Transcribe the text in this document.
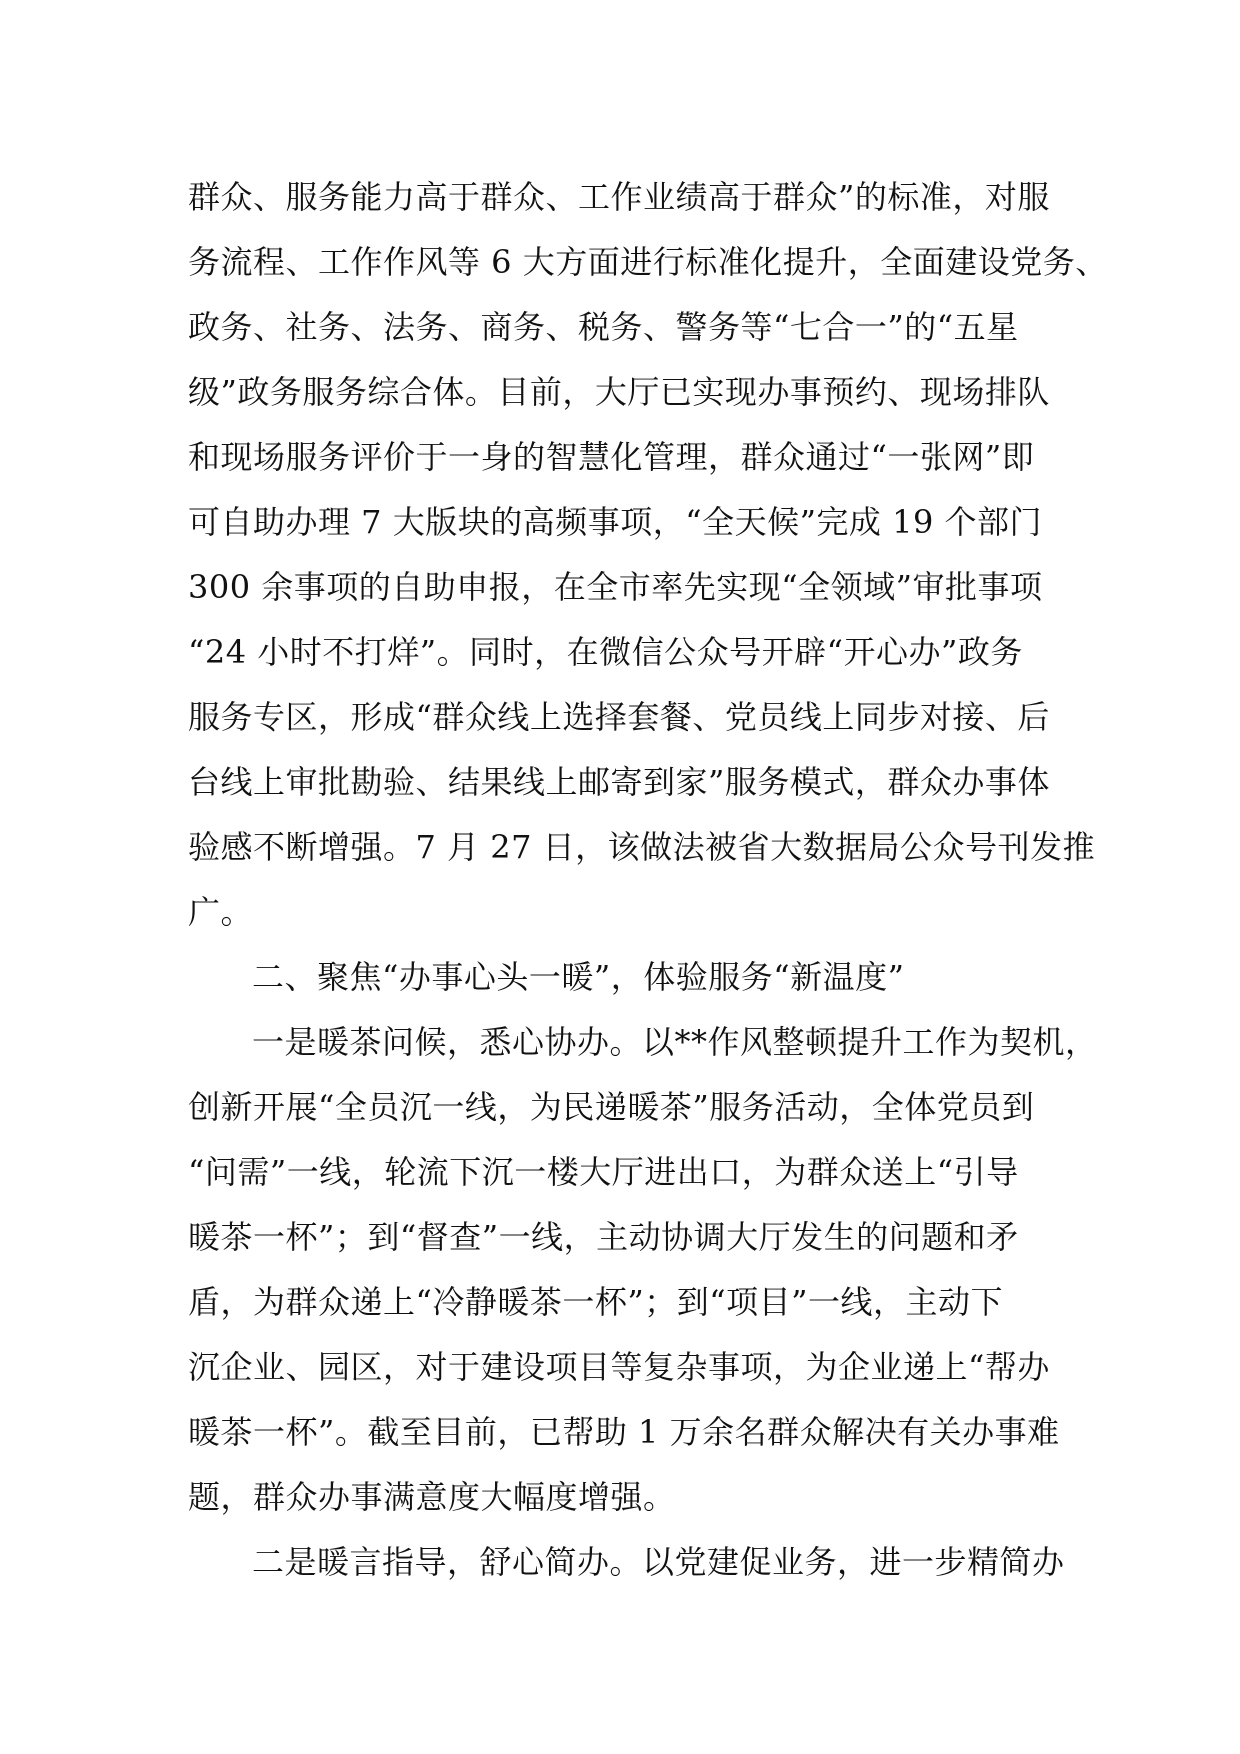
群众、服务能力高于群众、工作业绩高于群众”的标准，对服
务流程、工作作风等 6 大方面进行标准化提升，全面建设党务、
政务、社务、法务、商务、税务、警务等“七合一”的“五星
级”政务服务综合体。目前，大厅已实现办事预约、现场排队
和现场服务评价于一身的智慧化管理，群众通过“一张网”即
可自助办理 7 大版块的高频事项，“全天候”完成 19 个部门
300 余事项的自助申报，在全市率先实现“全领域”审批事项
“24 小时不打烊”。同时，在微信公众号开辟“开心办”政务
服务专区，形成“群众线上选择套餐、党员线上同步对接、后
台线上审批勘验、结果线上邮寄到家”服务模式，群众办事体
验感不断增强。7 月 27 日，该做法被省大数据局公众号刊发推
广。
二、聚焦“办事心头一暖”，体验服务“新温度”
一是暖茶问候，悉心协办。以**作风整顿提升工作为契机，
创新开展“全员沉一线，为民递暖茶”服务活动，全体党员到
“问需”一线，轮流下沉一楼大厅进出口，为群众送上“引导
暖茶一杯”；到“督查”一线，主动协调大厅发生的问题和矛
盾，为群众递上“冷静暖茶一杯”；到“项目”一线，主动下
沉企业、园区，对于建设项目等复杂事项，为企业递上“帮办
暖茶一杯”。截至目前，已帮助 1 万余名群众解决有关办事难
题，群众办事满意度大幅度增强。
二是暖言指导，舒心简办。以党建促业务，进一步精简办
